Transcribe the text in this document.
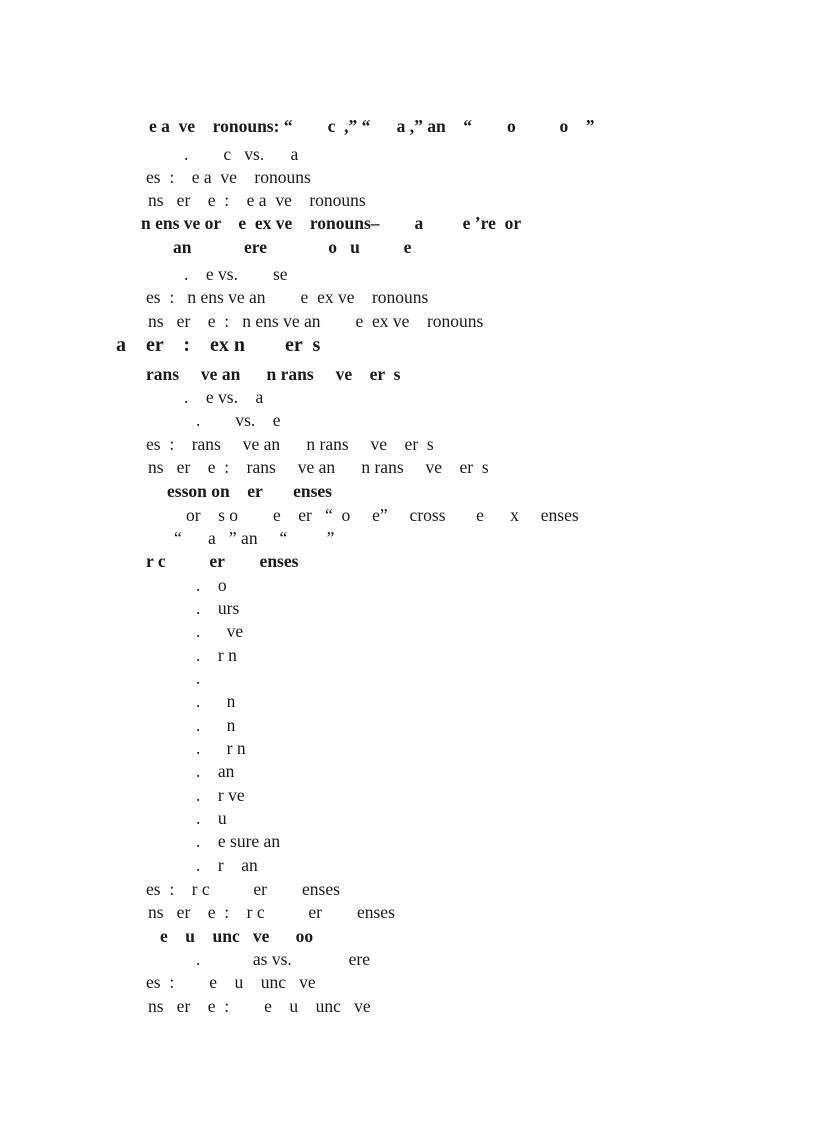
e a  ve    ronouns: “        c  ,” “      a ,” an    “        o          o    ”
.        c   vs.      a
es  :    e a  ve    ronouns
ns   er    e  :    e a  ve    ronouns
n ens ve or    e  ex ve    ronouns–        a         e ’re  or
an            ere              o   u          e
.    e vs.        se
es  :   n ens ve an        e  ex ve    ronouns
ns   er    e  :   n ens ve an        e  ex ve    ronouns
a    er    :    ex n        er  s
rans     ve an      n rans     ve    er  s
.    e vs.    a
.        vs.    e
es  :    rans     ve an      n rans     ve    er  s
ns   er    e  :    rans     ve an      n rans     ve    er  s
esson on    er       enses
or    s o        e    er   “  o     e”     cross       e      x     enses
“      a   ” an     “         ”
r c          er        enses
.    o
.    urs
.      ve
.    r n
.
.      n
.      n
.      r n
.    an
.    r ve
.    u
.    e sure an
.    r    an
es  :    r c          er        enses
ns   er    e  :    r c          er        enses
e    u    unc   ve      oo
.            as vs.             ere
es  :        e    u    unc   ve
ns   er    e  :        e    u    unc   ve
